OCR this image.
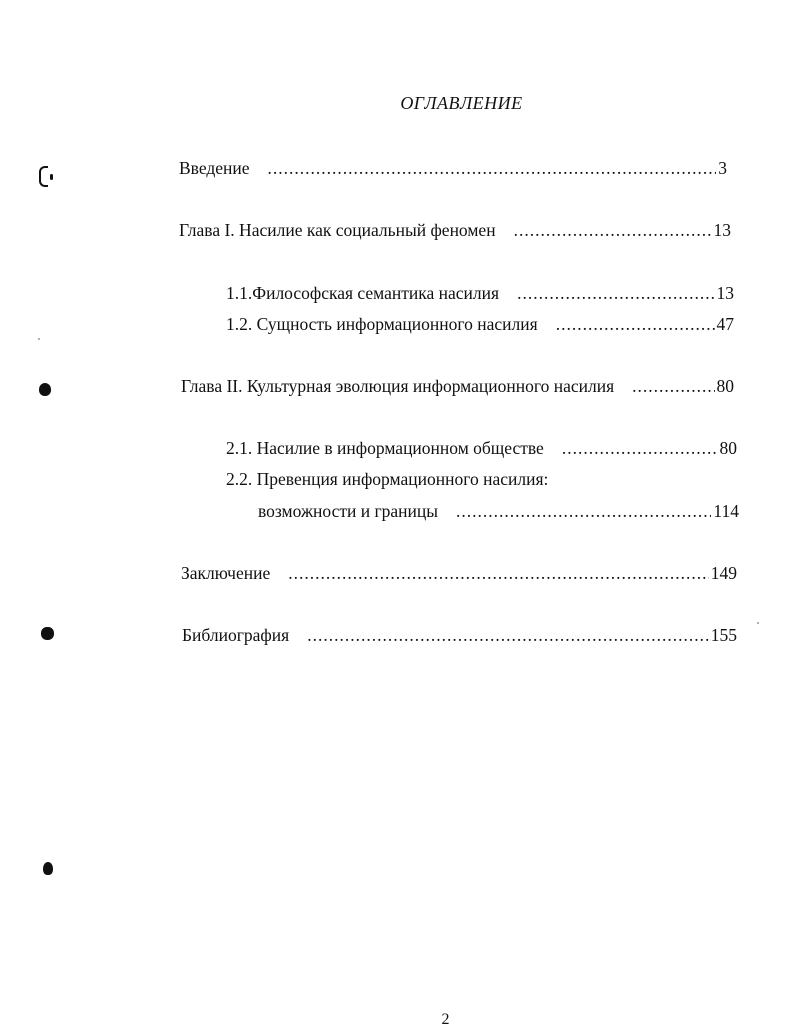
ОГЛАВЛЕНИЕ
Введение .....	3
Глава I. Насилие как социальный феномен .....	13
1.1.Философская семантика насилия .....	13
1.2. Сущность информационного насилия .....	47
Глава II. Культурная эволюция информационного насилия .....	80
2.1. Насилие в информационном обществе .....	80
2.2. Превенция информационного насилия:
возможности и границы .....	114
Заключение .....	149
Библиография .....	155
2
